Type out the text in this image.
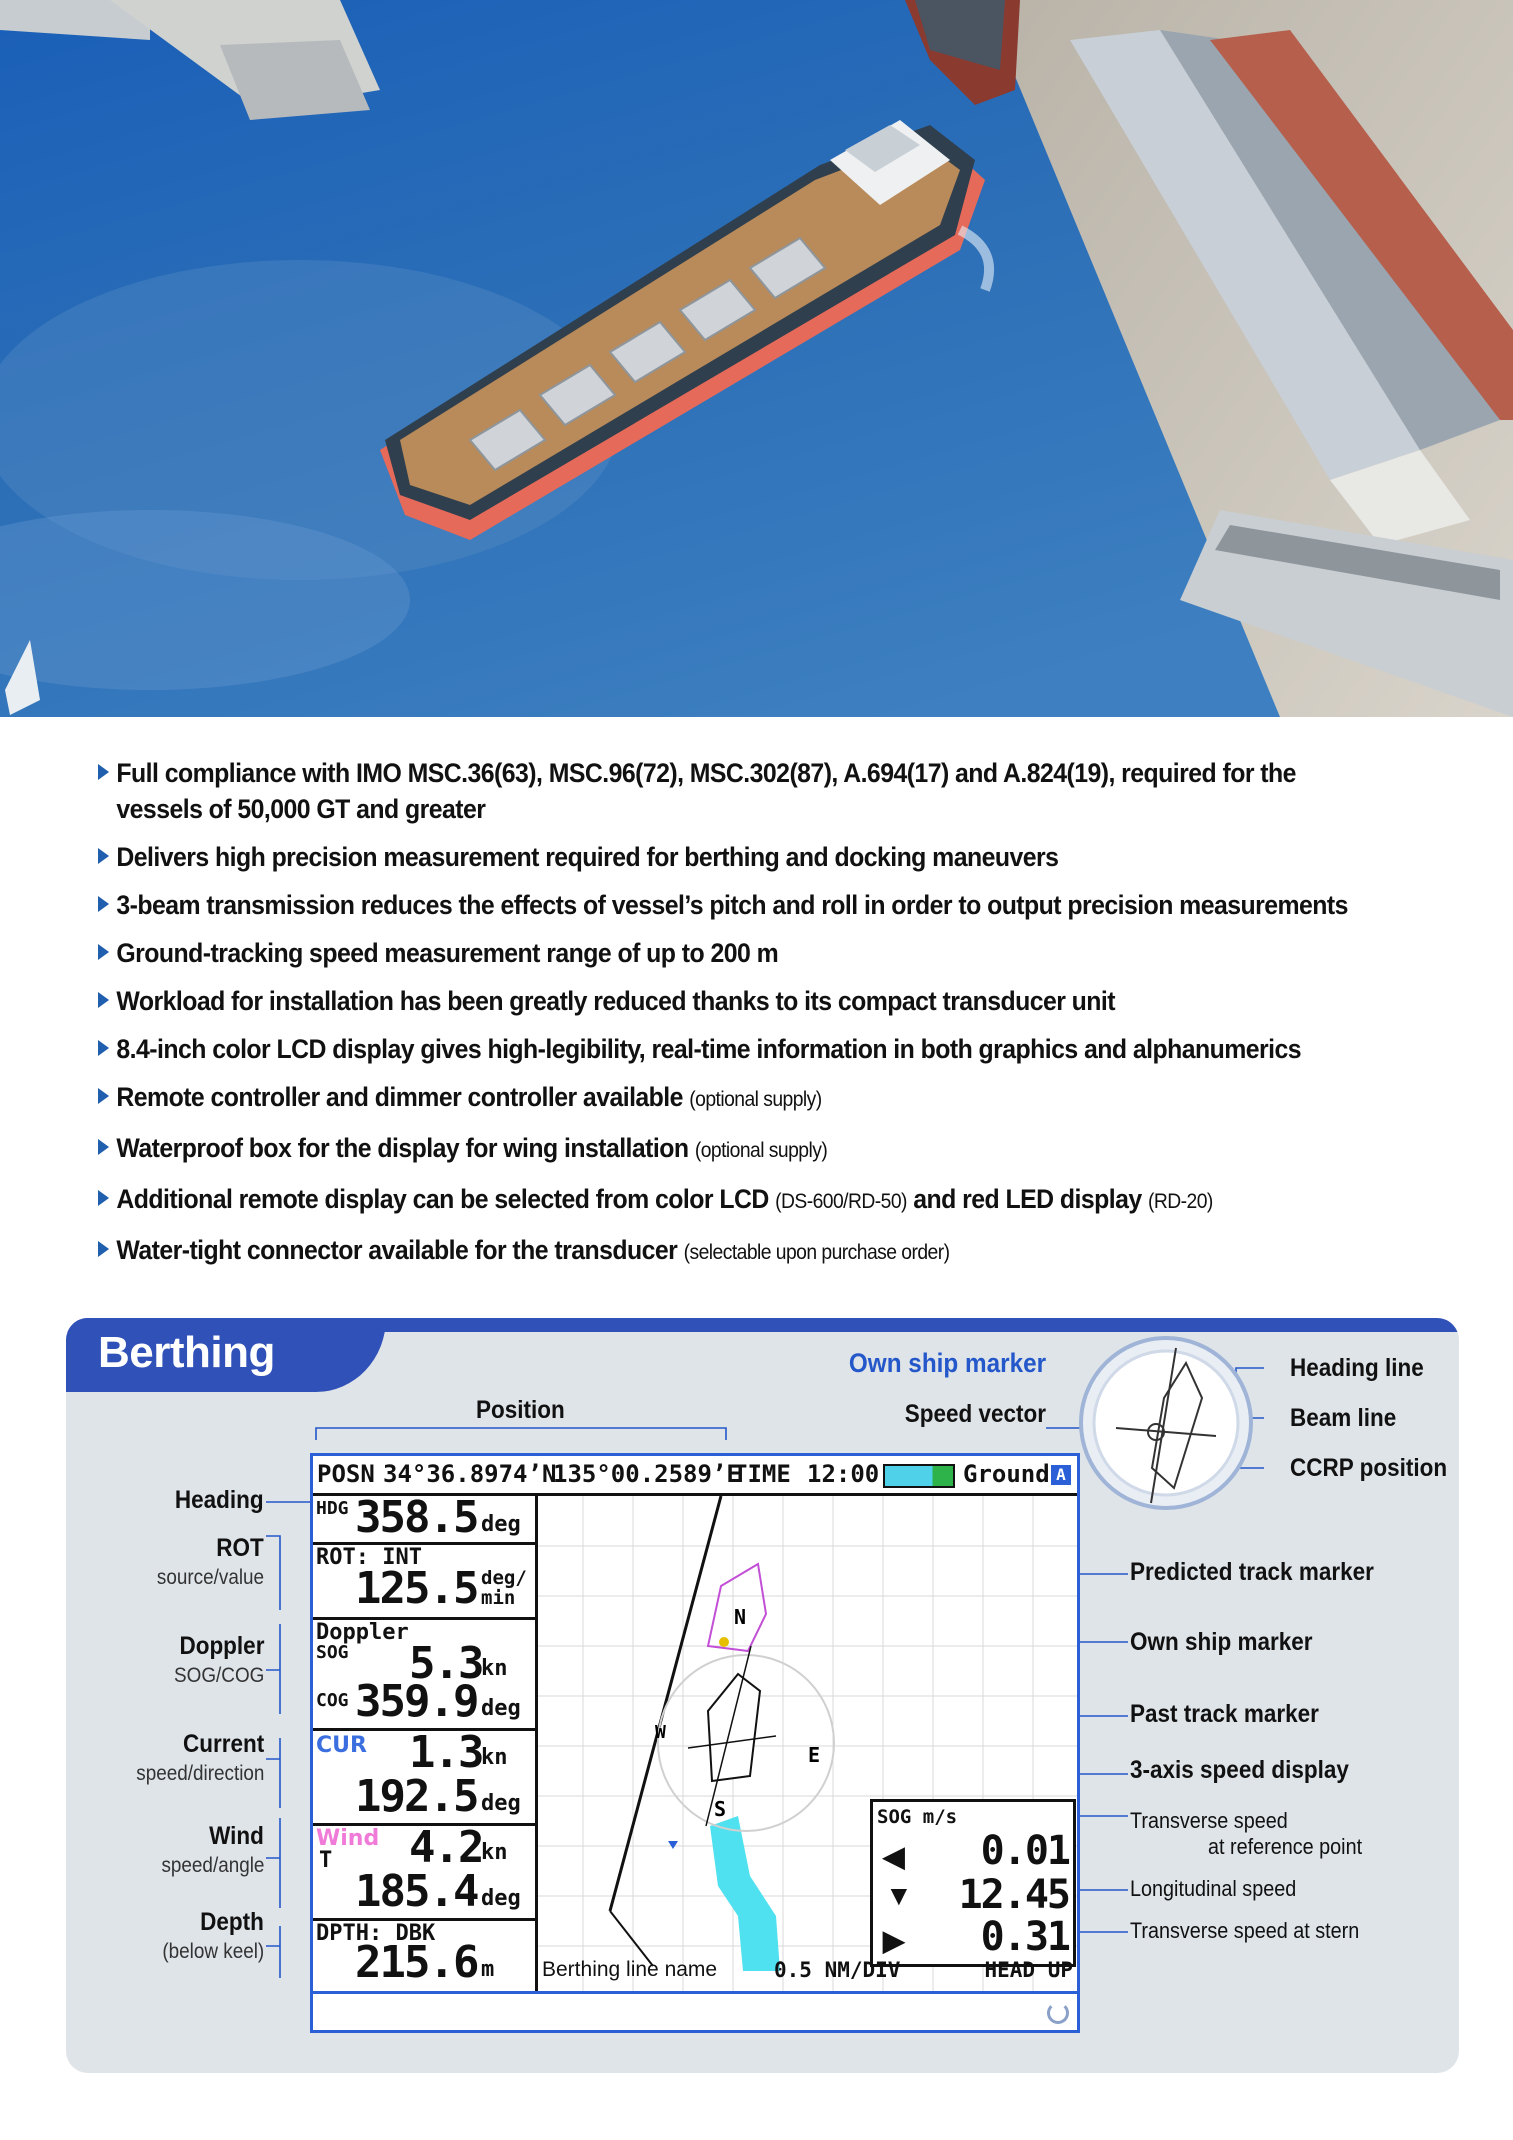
Full compliance with IMO MSC.36(63), MSC.96(72), MSC.302(87), A.694(17) and A.824(19), required for the
vessels of 50,000 GT and greater
Delivers high precision measurement required for berthing and docking maneuvers
3-beam transmission reduces the effects of vessel’s pitch and roll in order to output precision measurements
Ground-tracking speed measurement range of up to 200 m
Workload for installation has been greatly reduced thanks to its compact transducer unit
8.4-inch color LCD display gives high-legibility, real-time information in both graphics and alphanumerics
Remote controller and dimmer controller available (optional supply)
Waterproof box for the display for wing installation (optional supply)
Additional remote display can be selected from color LCD (DS-600/RD-50) and red LED display (RD-20)
Water-tight connector available for the transducer (selectable upon purchase order)
Berthing	Own ship marker
Speed vector
Heading line
Beam line
CCRP position
Position
Predicted track marker
Own ship marker
Past track marker
3-axis speed display
Transverse speed
at reference point
Longitudinal speed
Transverse speed at stern
Heading
ROT
source/value
Doppler
SOG/COG
Current
speed/direction
Wind
speed/angle
Depth
(below keel)
POSN 34°36.8974’N
135°00.2589’E
TIME 12:00	Ground A
HDG 358.5 deg
ROT: INT
125.5 deg/
min
Doppler
SOG 5.3
kn
COG 359.9 deg
CUR 1.3
kn
192.5 deg
Wind
T 4.2
kn
185.4 deg
DPTH: DBK
215.6 m
N
E
S
W
Berthing line name
SOG m/s
◀ 0.01
▼ 12.45
▶ 0.31
0.5 NM/DIV	HEAD UP
